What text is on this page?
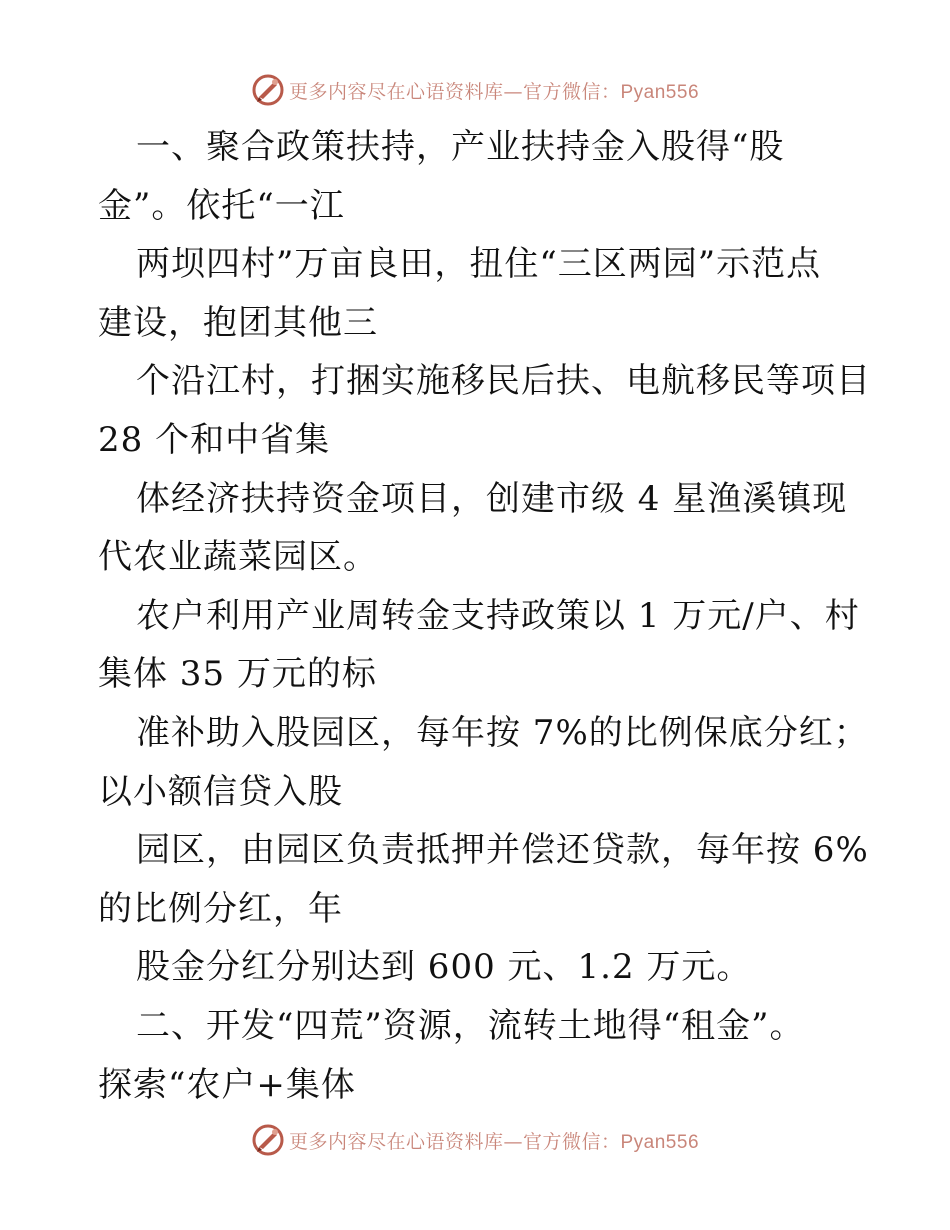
更多内容尽在心语资料库—官方微信：Pyan556
一、聚合政策扶持，产业扶持金入股得“股
金”。依托“一江
两坝四村”万亩良田，扭住“三区两园”示范点
建设，抱团其他三
个沿江村，打捆实施移民后扶、电航移民等项目
28 个和中省集
体经济扶持资金项目，创建市级 4 星渔溪镇现
代农业蔬菜园区。
农户利用产业周转金支持政策以 1 万元/户、村
集体 35 万元的标
准补助入股园区，每年按 7%的比例保底分红；
以小额信贷入股
园区，由园区负责抵押并偿还贷款，每年按 6%
的比例分红，年
股金分红分别达到 600 元、1.2 万元。
二、开发“四荒”资源，流转土地得“租金”。
探索“农户+集体
更多内容尽在心语资料库—官方微信：Pyan556
